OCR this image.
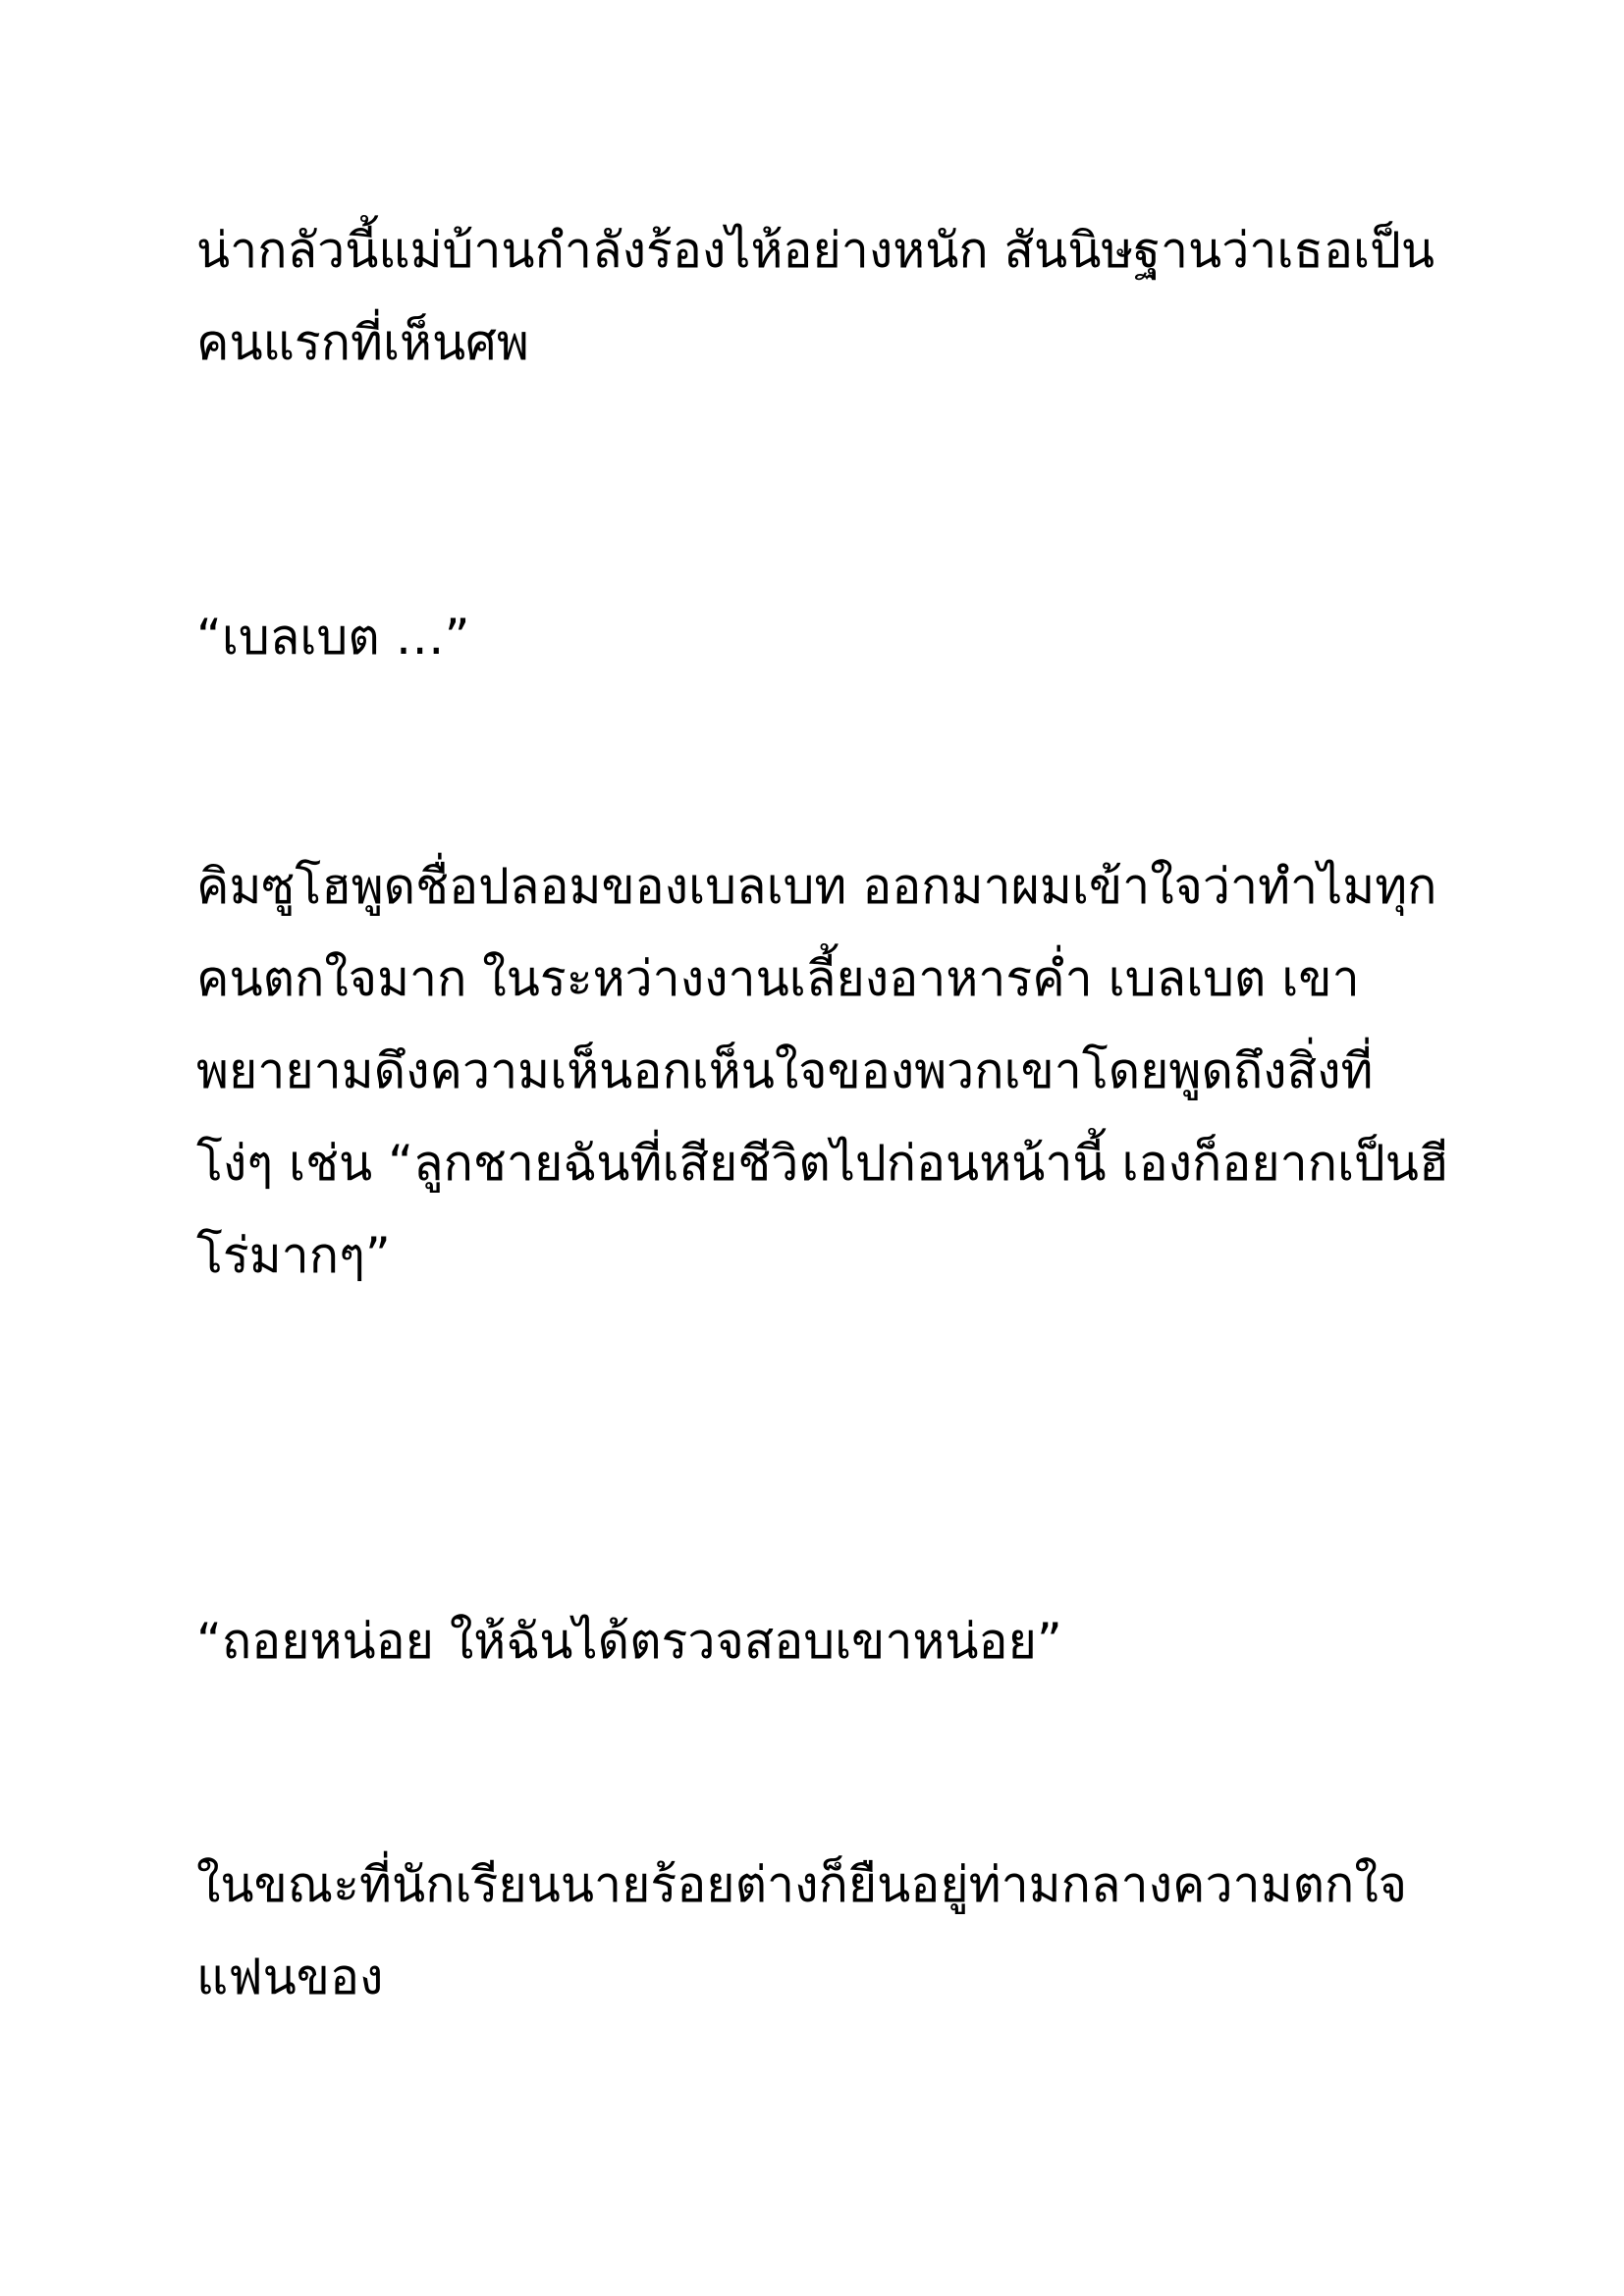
น่ากลัวนี้แม่บ้านกำลังร้องไห้อย่างหนัก สันนิษฐานว่าเธอเป็น
คนแรกที่เห็นศพ
“เบลเบต …”
คิมซูโฮพูดชื่อปลอมของเบลเบท ออกมาผมเข้าใจว่าทำไมทุก
คนตกใจมาก ในระหว่างงานเลี้ยงอาหารค่ำ เบลเบต เขา
พยายามดึงความเห็นอกเห็นใจของพวกเขาโดยพูดถึงสิ่งที่
โง่ๆ เช่น “ลูกชายฉันที่เสียชีวิตไปก่อนหน้านี้ เองก็อยากเป็นฮี
โร่มากๆ”
“ถอยหน่อย ให้ฉันได้ตรวจสอบเขาหน่อย”
ในขณะที่นักเรียนนายร้อยต่างก็ยืนอยู่ท่ามกลางความตกใจ
แฟนของ
